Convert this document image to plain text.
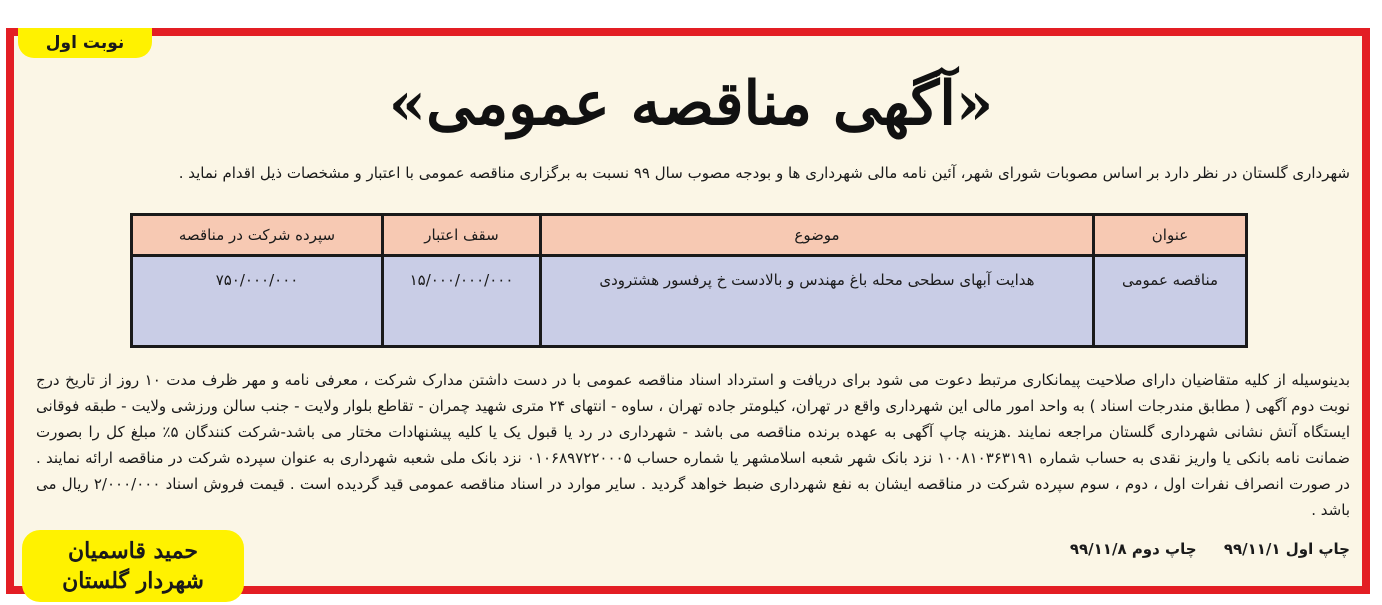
نوبت اول
«آگهی مناقصه عمومی»
شهرداری گلستان در نظر دارد بر اساس مصوبات شورای شهر، آئین نامه مالی شهرداری ها و بودجه مصوب سال ۹۹ نسبت به برگزاری مناقصه عمومی با اعتبار و مشخصات ذیل اقدام نماید .
عنوان	موضوع	سقف اعتبار	سپرده شرکت در مناقصه
مناقصه عمومی	هدایت آبهای سطحی محله باغ مهندس و بالادست خ پرفسور هشترودی	۱۵/۰۰۰/۰۰۰/۰۰۰	۷۵۰/۰۰۰/۰۰۰
بدینوسیله از کلیه متقاضیان دارای صلاحیت پیمانکاری مرتبط دعوت می شود برای دریافت و استرداد اسناد مناقصه عمومی با در دست داشتن مدارک شرکت ، معرفی نامه و مهر ظرف مدت ۱۰ روز از تاریخ درج نوبت دوم آگهی ( مطابق مندرجات اسناد ) به واحد امور مالی این شهرداری واقع در تهران، کیلومتر جاده تهران ، ساوه - انتهای ۲۴ متری شهید چمران - تقاطع بلوار ولایت - جنب سالن ورزشی ولایت - طبقه فوقانی ایستگاه آتش نشانی شهرداری گلستان مراجعه نمایند .هزینه چاپ آگهی به عهده برنده مناقصه می باشد - شهرداری در رد یا قبول یک یا کلیه پیشنهادات مختار می باشد-شرکت کنندگان ۵٪ مبلغ کل را بصورت ضمانت نامه بانکی یا واریز نقدی به حساب شماره ۱۰۰۸۱۰۳۶۳۱۹۱ نزد بانک شهر شعبه اسلامشهر یا شماره حساب ۰۱۰۶۸۹۷۲۲۰۰۰۵ نزد بانک ملی شعبه شهرداری به عنوان سپرده شرکت در مناقصه ارائه نمایند . در صورت انصراف نفرات اول ، دوم ، سوم سپرده شرکت در مناقصه ایشان به نفع شهرداری ضبط خواهد گردید . سایر موارد در اسناد مناقصه عمومی قید گردیده است . قیمت فروش اسناد ۲/۰۰۰/۰۰۰ ریال می باشد .
چاپ اول ۹۹/۱۱/۱ چاپ دوم ۹۹/۱۱/۸
حمید قاسمیان
شهردار گلستان
